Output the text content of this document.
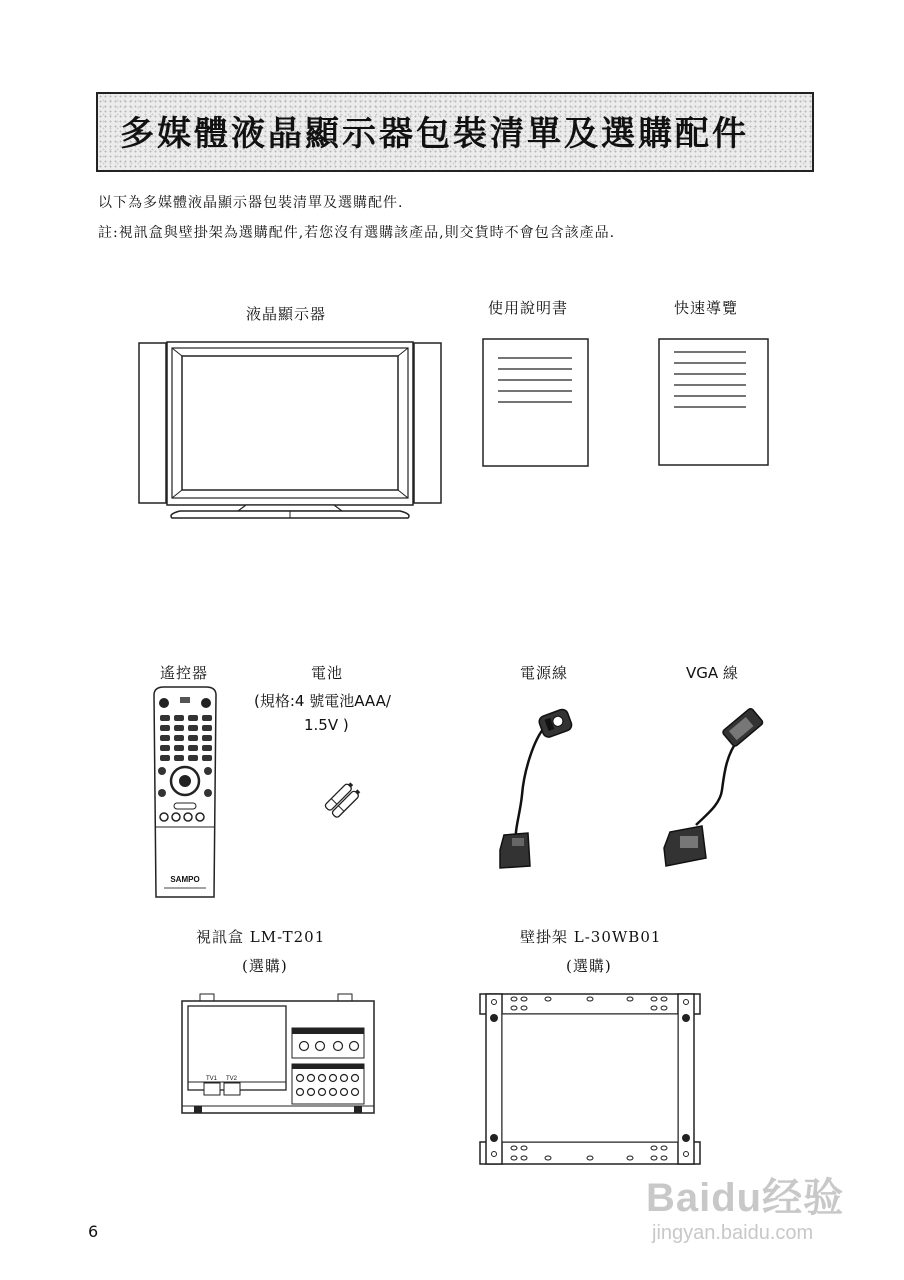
多媒體液晶顯示器包裝清單及選購配件
以下為多媒體液晶顯示器包裝清單及選購配件.
註:視訊盒與壁掛架為選購配件,若您沒有選購該產品,則交貨時不會包含該產品.
液晶顯示器	使用說明書	快速導覽
遙控器	電池
(規格:4 號電池AAA/
1.5V )
電源線	VGA 線
SAMPO
視訊盒 LM-T201
(選購)
壁掛架 L-30WB01
(選購)
TV1 TV2
6
Baidu经验
jingyan.baidu.com
